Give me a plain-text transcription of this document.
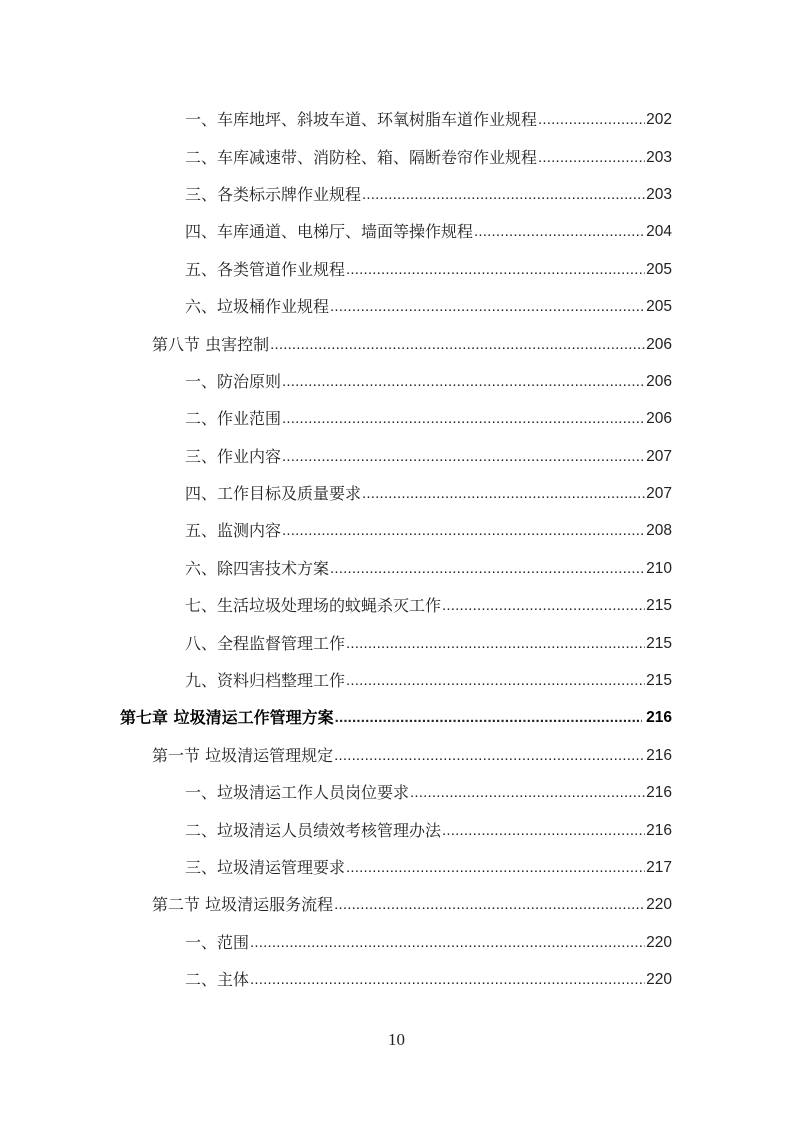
一、车库地坪、斜坡车道、环氧树脂车道作业规程 .....	202
二、车库减速带、消防栓、箱、隔断卷帘作业规程 .....	203
三、各类标示牌作业规程 .....	203
四、车库通道、电梯厅、墙面等操作规程 .....	204
五、各类管道作业规程 .....	205
六、垃圾桶作业规程 .....	205
第八节 虫害控制 .....	206
一、防治原则 .....	206
二、作业范围 .....	206
三、作业内容 .....	207
四、工作目标及质量要求 .....	207
五、监测内容 .....	208
六、除四害技术方案 .....	210
七、生活垃圾处理场的蚊蝇杀灭工作 .....	215
八、全程监督管理工作 .....	215
九、资料归档整理工作 .....	215
第七章 垃圾清运工作管理方案 .....	216
第一节 垃圾清运管理规定 .....	216
一、垃圾清运工作人员岗位要求 .....	216
二、垃圾清运人员绩效考核管理办法 .....	216
三、垃圾清运管理要求 .....	217
第二节 垃圾清运服务流程 .....	220
一、范围 .....	220
二、主体 .....	220
10
